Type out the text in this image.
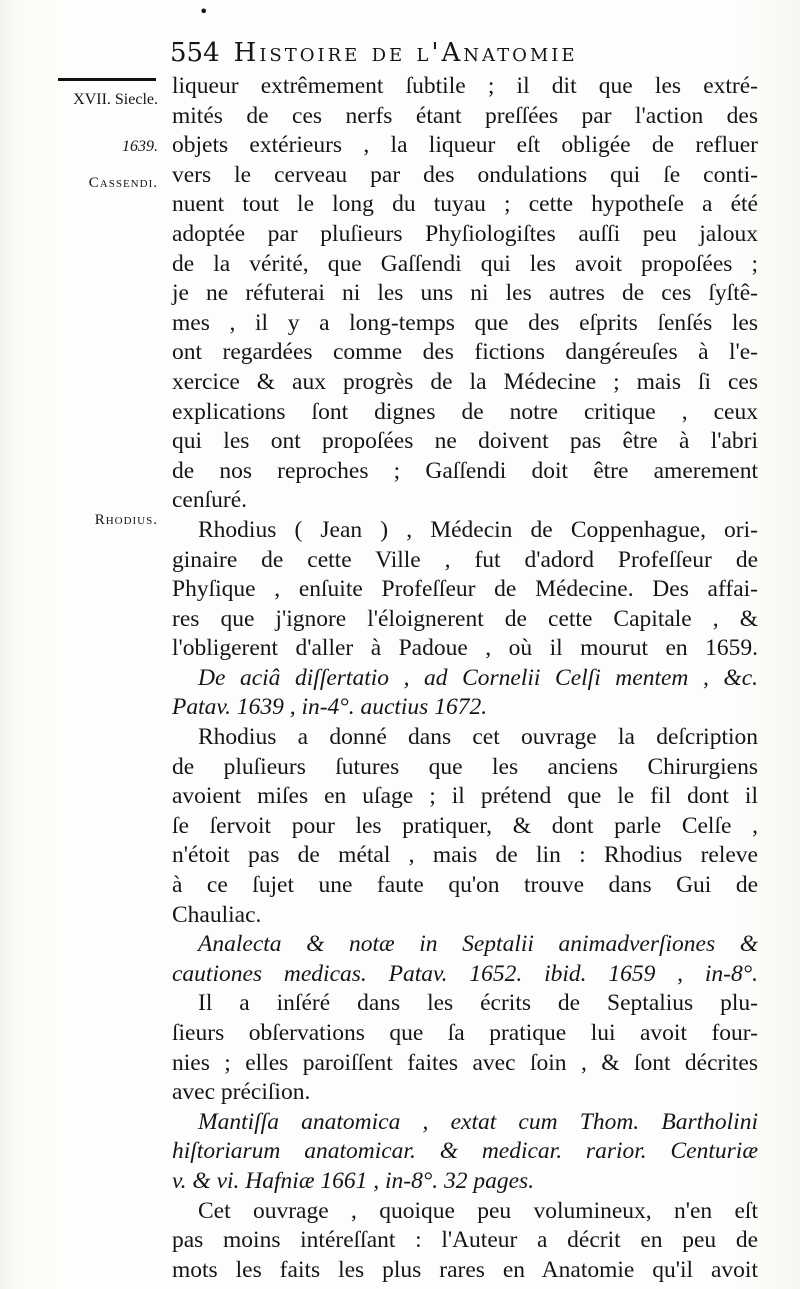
•
554 Histoire de l'Anatomie
XVII. Siecle.
1639.
Cassendi.
Rhodius.
liqueur extrêmement ſubtile ; il dit que les extré-
mités de ces nerfs étant preſſées par l'action des
objets extérieurs , la liqueur eſt obligée de refluer
vers le cerveau par des ondulations qui ſe conti-
nuent tout le long du tuyau ; cette hypotheſe a été
adoptée par pluſieurs Phyſiologiſtes auſſi peu jaloux
de la vérité, que Gaſſendi qui les avoit propoſées ;
je ne réfuterai ni les uns ni les autres de ces ſyſtê-
mes , il y a long-temps que des eſprits ſenſés les
ont regardées comme des fictions dangéreuſes à l'e-
xercice & aux progrès de la Médecine ; mais ſi ces
explications ſont dignes de notre critique , ceux
qui les ont propoſées ne doivent pas être à l'abri
de nos reproches ; Gaſſendi doit être amerement
cenſuré.
Rhodius ( Jean ) , Médecin de Coppenhague, ori-
ginaire de cette Ville , fut d'adord Profeſſeur de
Phyſique , enſuite Profeſſeur de Médecine. Des affai-
res que j'ignore l'éloignerent de cette Capitale , &
l'obligerent d'aller à Padoue , où il mourut en 1659.
De aciâ diſſertatio , ad Cornelii Celſi mentem , &c.
Patav. 1639 , in-4°. auctius 1672.
Rhodius a donné dans cet ouvrage la deſcription
de pluſieurs ſutures que les anciens Chirurgiens
avoient miſes en uſage ; il prétend que le fil dont il
ſe ſervoit pour les pratiquer, & dont parle Celſe ,
n'étoit pas de métal , mais de lin : Rhodius releve
à ce ſujet une faute qu'on trouve dans Gui de
Chauliac.
Analecta & notæ in Septalii animadverſiones &
cautiones medicas. Patav. 1652. ibid. 1659 , in-8°.
Il a inſéré dans les écrits de Septalius plu-
ſieurs obſervations que ſa pratique lui avoit four-
nies ; elles paroiſſent faites avec ſoin , & ſont décrites
avec préciſion.
Mantiſſa anatomica , extat cum Thom. Bartholini
hiſtoriarum anatomicar. & medicar. rarior. Centuriæ
v. & vi. Hafniæ 1661 , in-8°. 32 pages.
Cet ouvrage , quoique peu volumineux, n'en eſt
pas moins intéreſſant : l'Auteur a décrit en peu de
mots les faits les plus rares en Anatomie qu'il avoit
